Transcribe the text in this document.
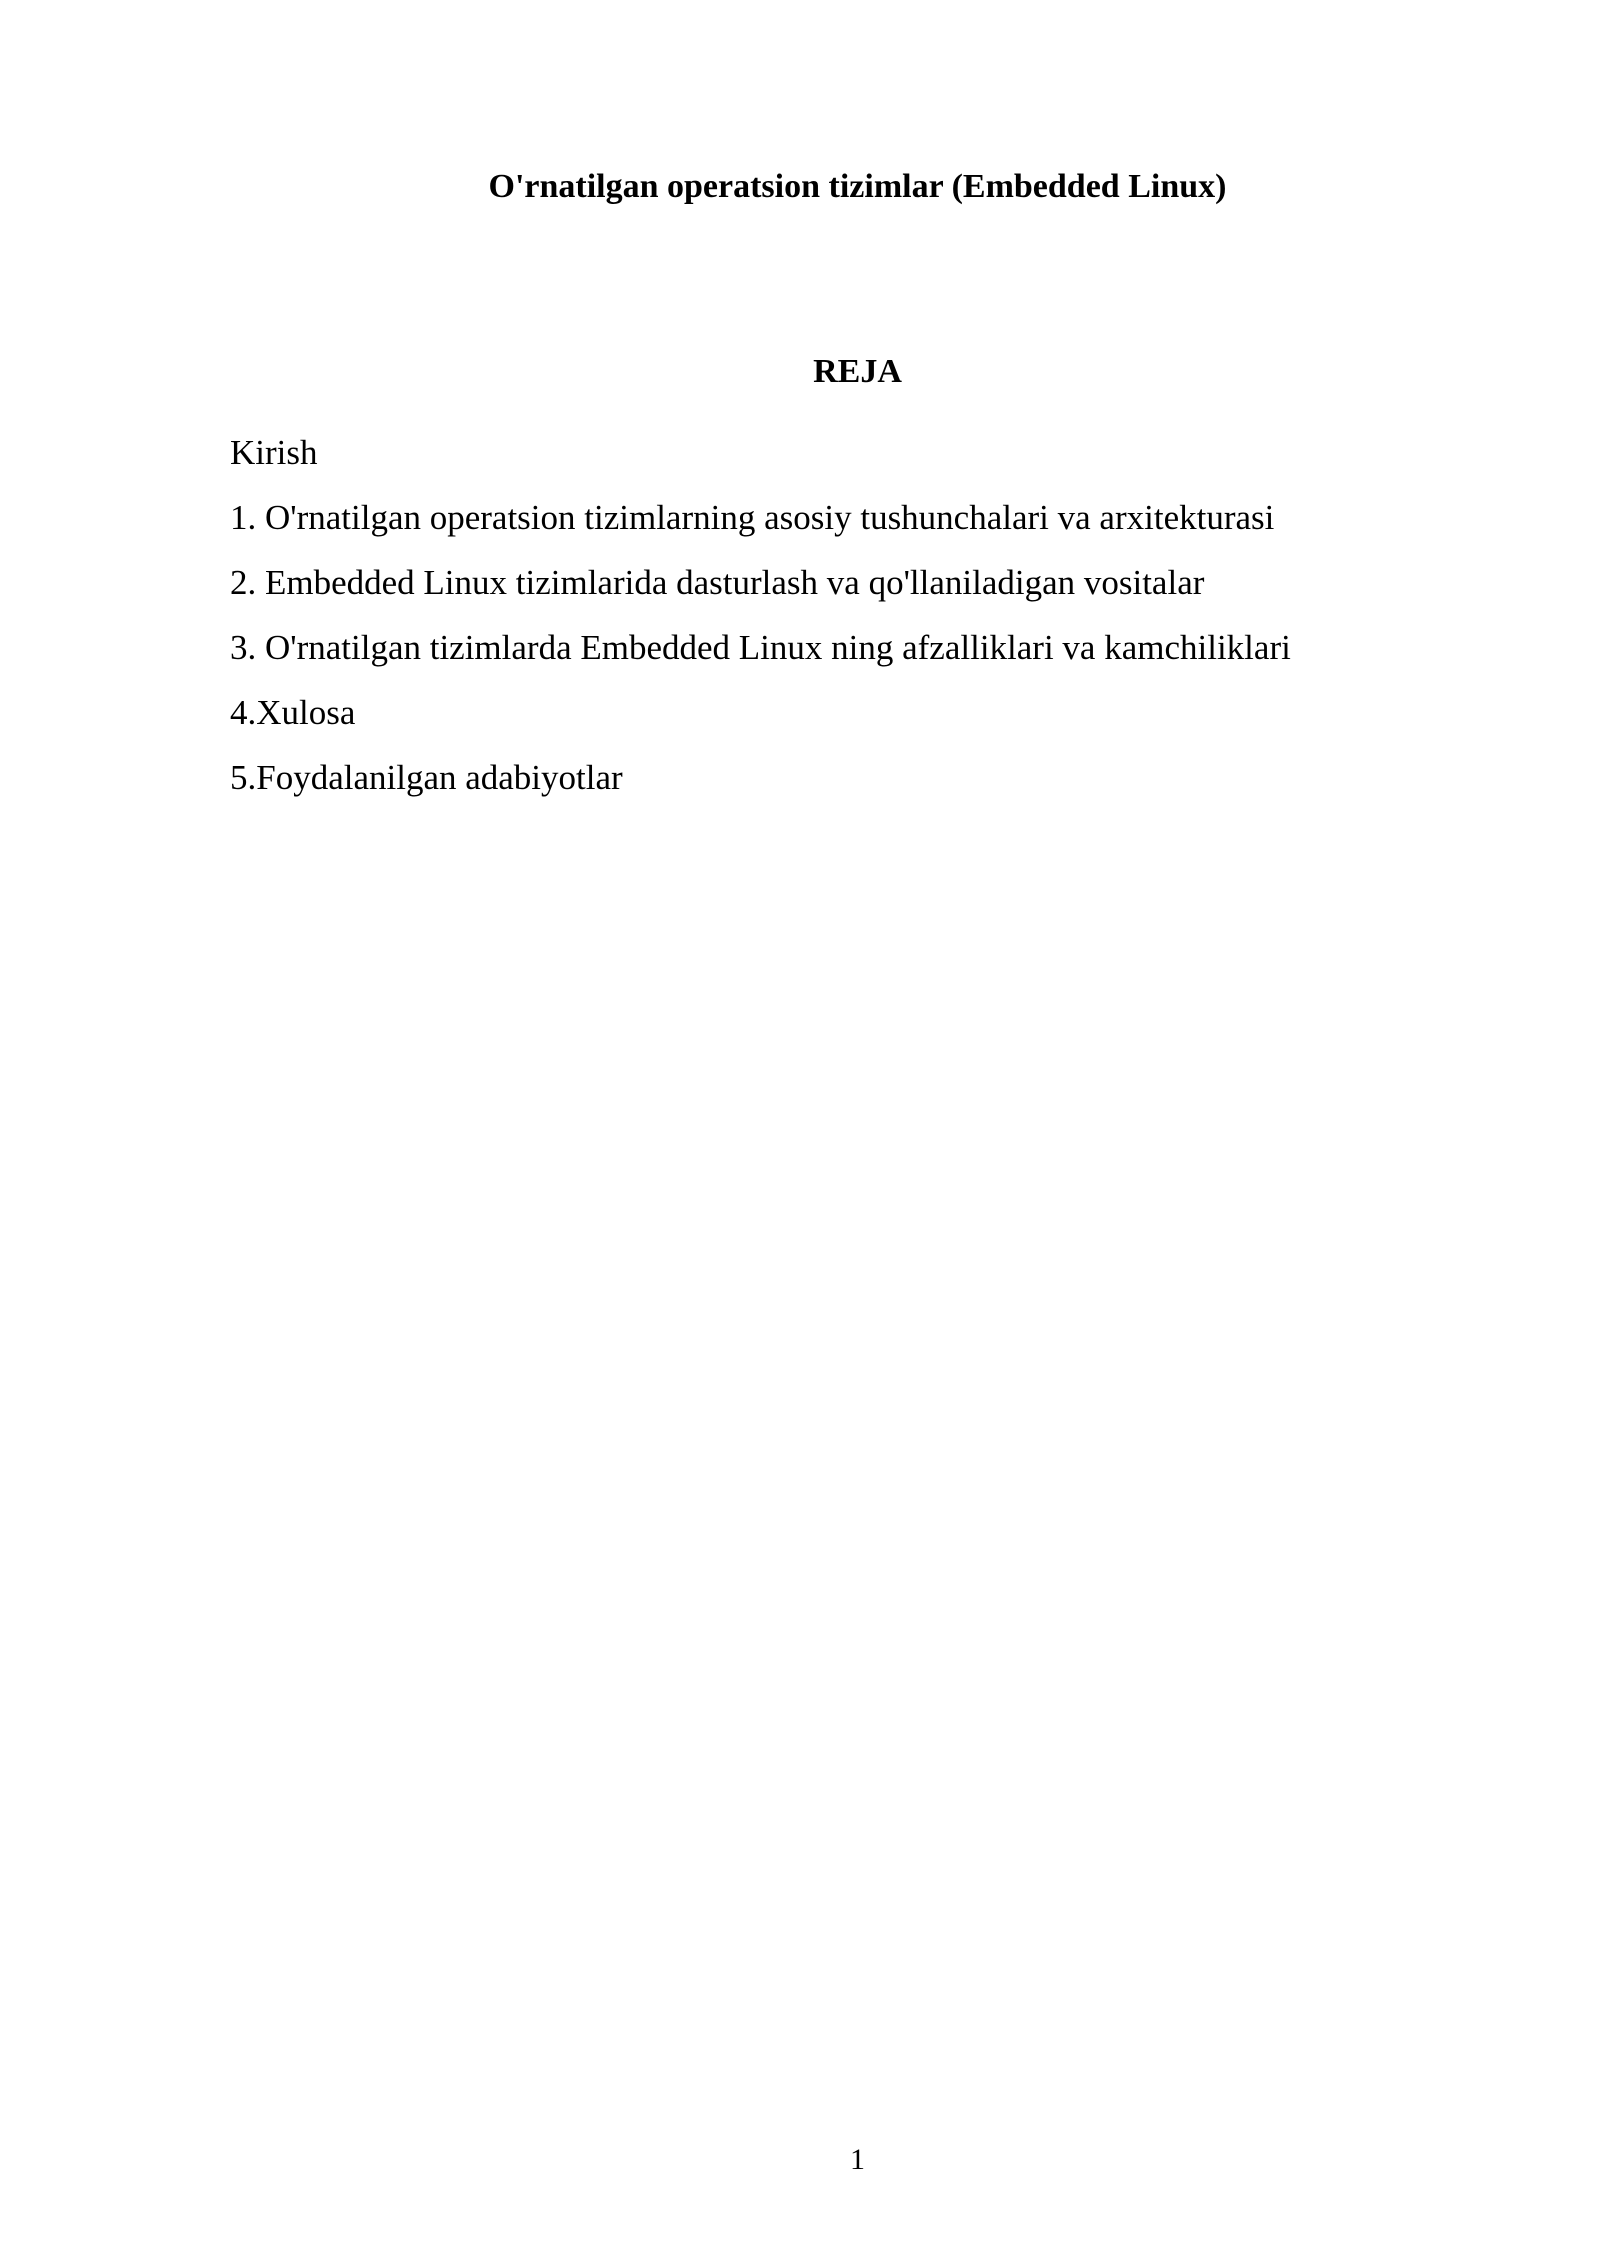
O'rnatilgan operatsion tizimlar (Embedded Linux)
REJA
Kirish
1. O'rnatilgan operatsion tizimlarning asosiy tushunchalari va arxitekturasi
2. Embedded Linux tizimlarida dasturlash va qo'llaniladigan vositalar
3. O'rnatilgan tizimlarda Embedded Linux ning afzalliklari va kamchiliklari
4.Xulosa
5.Foydalanilgan adabiyotlar
1
